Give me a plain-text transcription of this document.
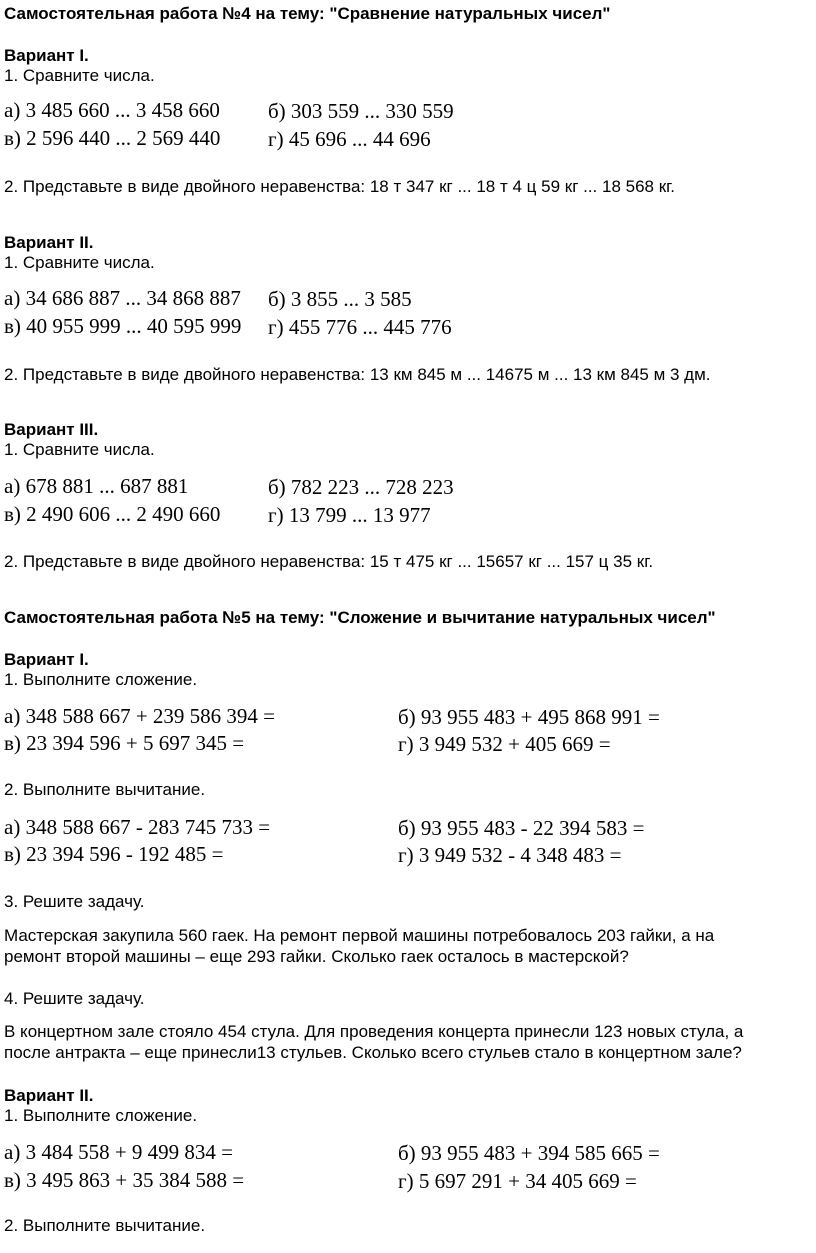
Самостоятельная работа №4 на тему: "Сравнение натуральных чисел"
Вариант I.
1. Сравните числа.
а) 3 485 660 ... 3 458 660 б) 303 559 ... 330 559
в) 2 596 440 ... 2 569 440 г) 45 696 ... 44 696
2. Представьте в виде двойного неравенства: 18 т 347 кг ... 18 т 4 ц 59 кг ... 18 568 кг.
Вариант II.
1. Сравните числа.
а) 34 686 887 ... 34 868 887 б) 3 855 ... 3 585
в) 40 955 999 ... 40 595 999 г) 455 776 ... 445 776
2. Представьте в виде двойного неравенства: 13 км 845 м ... 14675 м ... 13 км 845 м 3 дм.
Вариант III.
1. Сравните числа.
а) 678 881 ... 687 881	б) 782 223 ... 728 223
в) 2 490 606 ... 2 490 660 г) 13 799 ... 13 977
2. Представьте в виде двойного неравенства: 15 т 475 кг ... 15657 кг ... 157 ц 35 кг.
Самостоятельная работа №5 на тему: "Сложение и вычитание натуральных чисел"
Вариант I.
1. Выполните сложение.
а) 348 588 667 + 239 586 394 =	б) 93 955 483 + 495 868 991 =
в) 23 394 596 + 5 697 345 =	г) 3 949 532 + 405 669 =
2. Выполните вычитание.
а) 348 588 667 - 283 745 733 =	б) 93 955 483 - 22 394 583 =
в) 23 394 596 - 192 485 =	г) 3 949 532 - 4 348 483 =
3. Решите задачу.
Мастерская закупила 560 гаек. На ремонт первой машины потребовалось 203 гайки, а на
ремонт второй машины – еще 293 гайки. Сколько гаек осталось в мастерской?
4. Решите задачу.
В концертном зале стояло 454 стула. Для проведения концерта принесли 123 новых стула, а
после антракта – еще принесли13 стульев. Сколько всего стульев стало в концертном зале?
Вариант II.
1. Выполните сложение.
а) 3 484 558 + 9 499 834 =	б) 93 955 483 + 394 585 665 =
в) 3 495 863 + 35 384 588 =	г) 5 697 291 + 34 405 669 =
2. Выполните вычитание.
